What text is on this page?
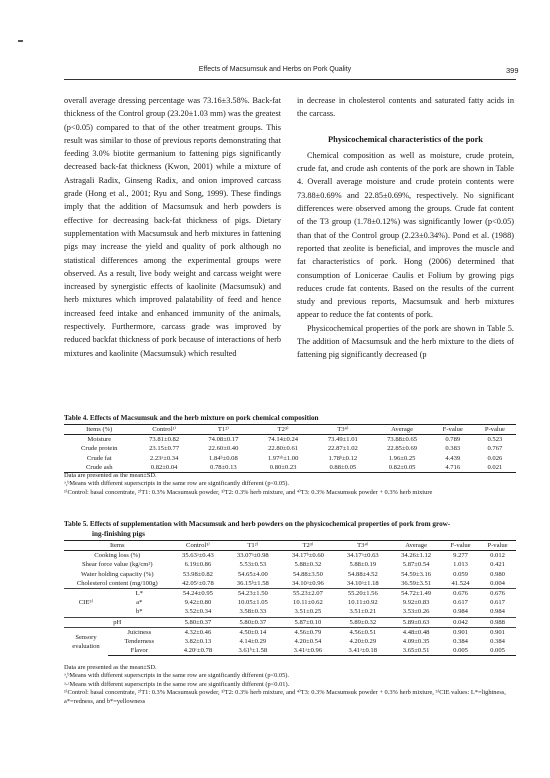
Effects of Macsumsuk and Herbs on Pork Quality	399

overall average dressing percentage was 73.16±3.58%. Back-fat thickness of the Control group (23.20±1.03 mm) was the greatest (p<0.05) compared to that of the other treatment groups. This result was similar to those of previous reports demonstrating that feeding 3.0% biotite germanium to fattening pigs significantly decreased back-fat thickness (Kwon, 2001) while a mixture of Astragali Radix, Ginseng Radix, and onion improved carcass grade (Hong et al., 2001; Ryu and Song, 1999). These findings imply that the addition of Macsumsuk and herb powders is effective for decreasing back-fat thickness of pigs. Dietary supplementation with Macsumsuk and herb mixtures in fattening pigs may increase the yield and quality of pork although no statistical differences among the experimental groups were observed. As a result, live body weight and carcass weight were increased by synergistic effects of kaolinite (Macsumsuk) and herb mixtures which improved palatability of feed and hence increased feed intake and enhanced immunity of the animals, respectively. Furthermore, carcass grade was improved by reduced backfat thickness of pork because of interactions of herb mixtures and kaolinite (Macsumsuk) which resulted

in decrease in cholesterol contents and saturated fatty acids in the carcass.

Physicochemical characteristics of the pork

Chemical composition as well as moisture, crude protein, crude fat, and crude ash contents of the pork are shown in Table 4. Overall average moisture and crude protein contents were 73.88±0.69% and 22.85±0.69%, respectively. No significant differences were observed among the groups. Crude fat content of the T3 group (1.78±0.12%) was significantly lower (p<0.05) than that of the Control group (2.23±0.34%). Pond et al. (1988) reported that zeolite is beneficial, and improves the muscle and fat characteristics of pork. Hong (2006) determined that consumption of Lonicerae Caulis et Folium by growing pigs reduces crude fat contents. Based on the results of the current study and previous reports, Macsumsuk and herb mixtures appear to reduce the fat contents of pork.

Physicochemical properties of the pork are shown in Table 5. The addition of Macsumsuk and the herb mixture to the diets of fattening pig significantly decreased (p

Table 4. Effects of Macsumsuk and the herb mixture on pork chemical composition
Items (%)	Control¹⁾	T1²⁾	T2³⁾	T3⁴⁾	Average	F-value	P-value
Moisture	73.81±0.82	74.08±0.17	74.14±0.24	73.49±1.01	73.88±0.65	0.789	0.523
Crude protein	23.15±0.77	22.60±0.40	22.80±0.61	22.87±1.02	22.85±0.69	0.383	0.767
Crude fat	2.23ᵃ±0.34	1.84ᵇ±0.08	1.97ᵃᵇ±1.00	1.78ᵇ±0.12	1.96±0.25	4.439	0.026
Crude ash	0.82±0.04	0.78±0.13	0.80±0.23	0.88±0.05	0.82±0.05	4.716	0.021
Data are presented as the mean±SD.
ᵃ,ᵇMeans with different superscripts in the same row are significantly different (p<0.05).
¹⁾Control: basal concentrate, ²⁾T1: 0.3% Macsumsuk powder, ³⁾T2: 0.3% herb mixture, and ⁴⁾T3: 0.3% Macsumsuk powder + 0.3% herb mixture
Table 5. Effects of supplementation with Macsumsuk and herb powders on the physicochemical properties of pork from grow-
ing-finishing pigs
Items		Control¹⁾	T1²⁾	T2³⁾	T3⁴⁾	Average	F-value	P-value
Cooking loss (%)		35.63ᵃ±0.43	33.07ᵃ±0.98	34.17ᵇ±0.60	34.17ᵃ±0.63	34.26±1.12	9.277	0.012
Shear force value (kg/cm²)		6.19±0.86	5.53±0.53	5.88±0.32	5.88±0.19	5.87±0.54	1.013	0.421
Water holding capacity (%)		53.98±0.82	54.65±4.00	54.88±3.50	54.88±4.52	54.59±3.16	0.059	0.980
Cholesterol content (mg/100g)		42.05ᶜ±0.78	36.15ᵇ±1.58	34.10ᵃ±0.96	34.10ᵃ±1.18	36.59±3.51	41.524	0.004
CIE⁵⁾	L*	54.24±0.95	54.23±1.50	55.23±2.07	55.20±1.56	54.72±1.49	0.676	0.676
	a*	9.42±0.80	10.05±1.05	10.11±0.62	10.11±0.92	9.92±0.83	0.617	0.617
	b*	3.52±0.34	3.58±0.33	3.51±0.25	3.51±0.21	3.53±0.26	0.984	0.984
pH		5.80±0.37	5.80±0.37	5.87±0.10	5.89±0.32	5.89±0.63	0.042	0.988
Sensory evaluation	Juiciness	4.32±0.46	4.50±0.14	4.56±0.79	4.56±0.51	4.48±0.48	0.901	0.901
	Tenderness	3.82±0.13	4.14±0.29	4.20±0.54	4.20±0.29	4.09±0.35	0.384	0.384
	Flavor	4.20ᶜ±0.78	3.61ᵇ±1.58	3.41ᵃ±0.96	3.41ᵃ±0.18	3.65±0.51	0.005	0.005
Data are presented as the mean±SD.
ᵃ,ᵇMeans with different superscripts in the same row are significantly different (p<0.05).
ᵃ-ᶜMeans with different superscripts in the same row are significantly different (p<0.01).
¹⁾Control: basal concentrate, ²⁾T1: 0.3% Macsumsuk powder, ³⁾T2: 0.3% herb mixture, and ⁴⁾T3: 0.3% Macsumsuk powder + 0.3% herb mixture, ⁵⁾CIE values: L*=lightness, a*=redness, and b*=yellowness
